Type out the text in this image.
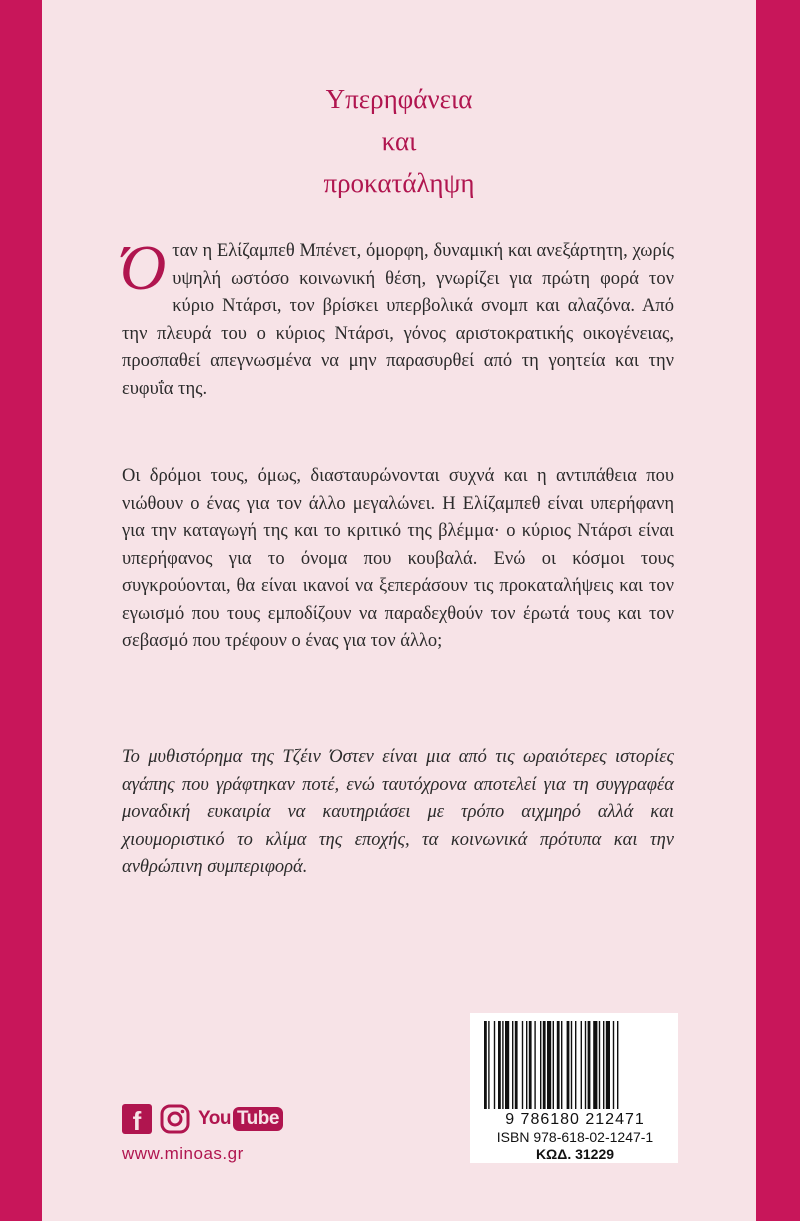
Υπερηφάνεια
και
προκατάληψη
Όταν η Ελίζαμπεθ Μπένετ, όμορφη, δυναμική και ανεξάρτητη, χωρίς υψηλή ωστόσο κοινωνική θέση, γνωρίζει για πρώτη φορά τον κύριο Ντάρσι, τον βρίσκει υπερβολικά σνομπ και αλαζόνα. Από την πλευρά του ο κύριος Ντάρσι, γόνος αριστοκρατικής οικογένειας, προσπαθεί απεγνωσμένα να μην παρασυρθεί από τη γοητεία και την ευφυΐα της.
Οι δρόμοι τους, όμως, διασταυρώνονται συχνά και η αντιπάθεια που νιώθουν ο ένας για τον άλλο μεγαλώνει. Η Ελίζαμπεθ είναι υπερήφανη για την καταγωγή της και το κριτικό της βλέμμα· ο κύριος Ντάρσι είναι υπερήφανος για το όνομα που κουβαλά. Ενώ οι κόσμοι τους συγκρούονται, θα είναι ικανοί να ξεπεράσουν τις προκαταλήψεις και τον εγωισμό που τους εμποδίζουν να παραδεχθούν τον έρωτά τους και τον σεβασμό που τρέφουν ο ένας για τον άλλο;
Το μυθιστόρημα της Τζέιν Όστεν είναι μια από τις ωραιότερες ιστορίες αγάπης που γράφτηκαν ποτέ, ενώ ταυτόχρονα αποτελεί για τη συγγραφέα μοναδική ευκαιρία να καυτηριάσει με τρόπο αιχμηρό αλλά και χιουμοριστικό το κλίμα της εποχής, τα κοινωνικά πρότυπα και την ανθρώπινη συμπεριφορά.
f	You Tube
www.minoas.gr
9 786180 212471
ISBN 978-618-02-1247-1
ΚΩΔ. 31229
